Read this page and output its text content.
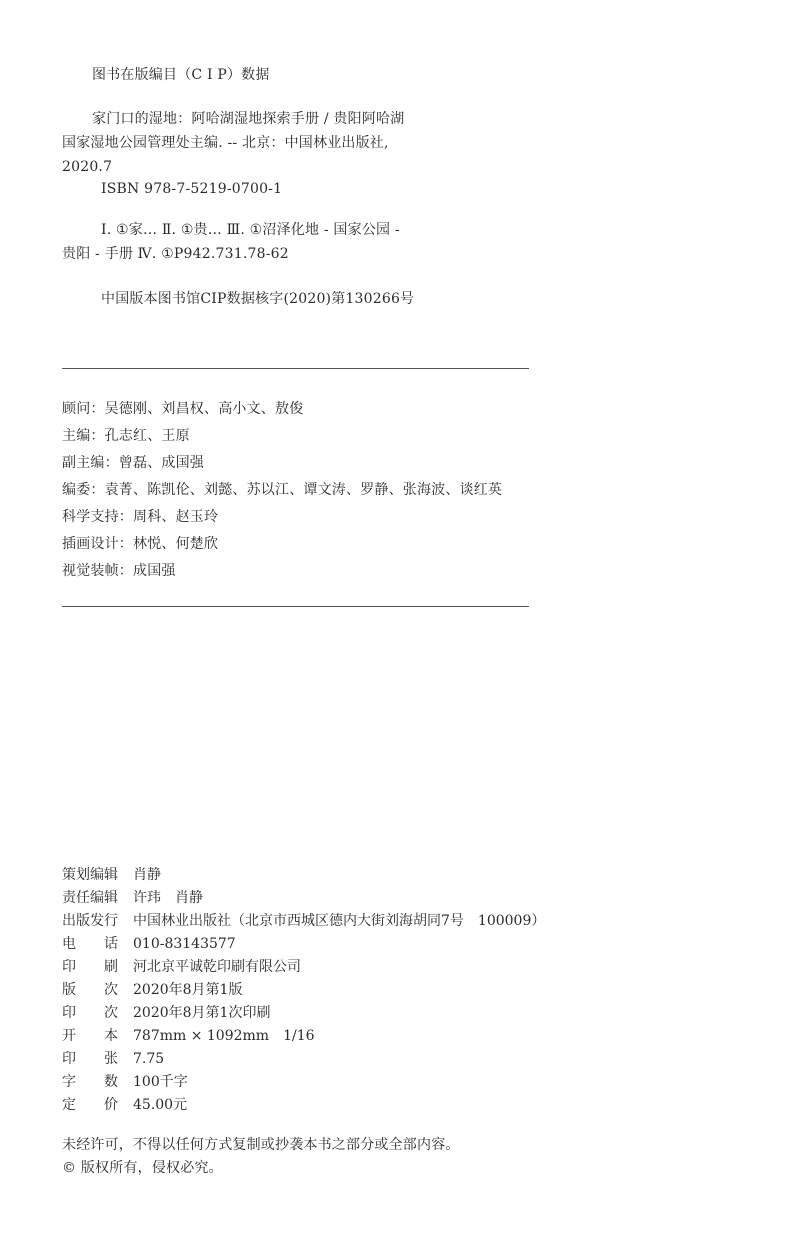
图书在版编目（C I P）数据
家门口的湿地：阿哈湖湿地探索手册 / 贵阳阿哈湖
国家湿地公园管理处主编. -- 北京：中国林业出版社,
2020.7
ISBN 978-7-5219-0700-1
Ⅰ. ①家… Ⅱ. ①贵… Ⅲ. ①沼泽化地 - 国家公园 -
贵阳 - 手册 Ⅳ. ①P942.731.78-62
中国版本图书馆CIP数据核字(2020)第130266号
顾问：吴德刚、刘昌权、高小文、敖俊
主编：孔志红、王原
副主编：曾磊、成国强
编委：袁菁、陈凯伦、刘懿、苏以江、谭文涛、罗静、张海波、谈红英
科学支持：周科、赵玉玲
插画设计：林悦、何楚欣
视觉装帧：成国强
策划编辑 肖静
责任编辑 许玮　肖静
出版发行 中国林业出版社（北京市西城区德内大街刘海胡同7号　100009）
电　　话 010-83143577
印　　刷 河北京平诚乾印刷有限公司
版　　次 2020年8月第1版
印　　次 2020年8月第1次印刷
开　　本 787mm × 1092mm　1/16
印　　张 7.75
字　　数 100千字
定　　价 45.00元
未经许可，不得以任何方式复制或抄袭本书之部分或全部内容。
© 版权所有，侵权必究。
